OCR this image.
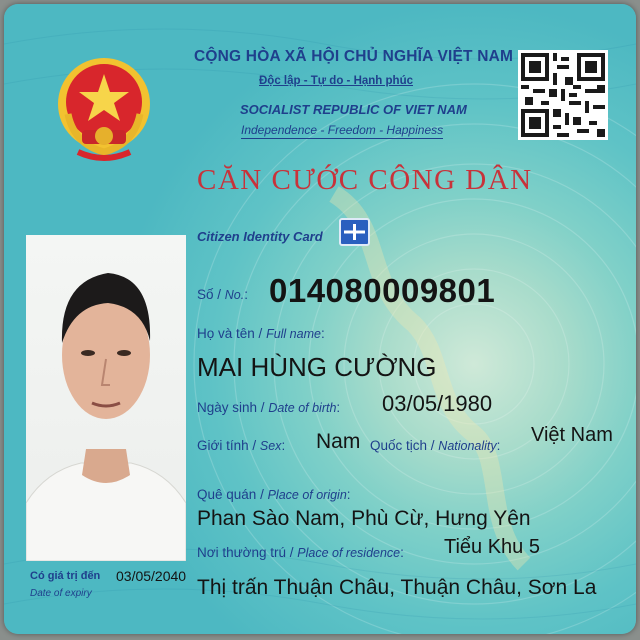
CỘNG HÒA XÃ HỘI CHỦ NGHĨA VIỆT NAM
Độc lập - Tự do - Hạnh phúc
SOCIALIST REPUBLIC OF VIET NAM
Independence - Freedom - Happiness
CĂN CƯỚC CÔNG DÂN
Citizen Identity Card
Số / No.: 014080009801
Họ và tên / Full name:
MAI HÙNG CƯỜNG
Ngày sinh / Date of birth: 03/05/1980
Giới tính / Sex: Nam Quốc tịch / Nationality: Việt Nam
Quê quán / Place of origin:
Phan Sào Nam, Phù Cừ, Hưng Yên
Nơi thường trú / Place of residence: Tiểu Khu 5
Thị trấn Thuận Châu, Thuận Châu, Sơn La
Có giá trị đến 03/05/2040
Date of expiry
